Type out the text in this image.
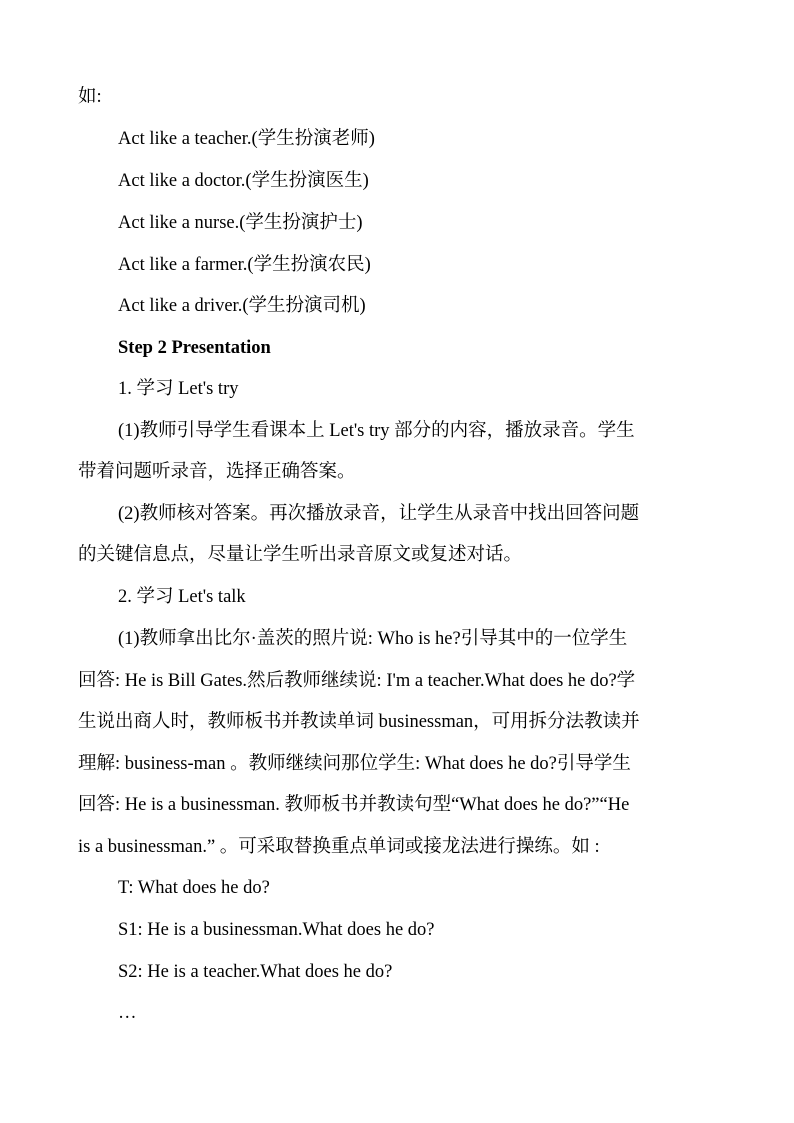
如:
Act like a teacher.(学生扮演老师)
Act like a doctor.(学生扮演医生)
Act like a nurse.(学生扮演护士)
Act like a farmer.(学生扮演农民)
Act like a driver.(学生扮演司机)
Step 2 Presentation
1. 学习 Let's try
(1)教师引导学生看课本上 Let's try 部分的内容，播放录音。学生
带着问题听录音，选择正确答案。
(2)教师核对答案。再次播放录音，让学生从录音中找出回答问题
的关键信息点，尽量让学生听出录音原文或复述对话。
2. 学习 Let's talk
(1)教师拿出比尔·盖茨的照片说: Who is he?引导其中的一位学生
回答: He is Bill Gates.然后教师继续说: I'm a teacher.What does he do?学
生说出商人时，教师板书并教读单词 businessman，可用拆分法教读并
理解: business-man 。教师继续问那位学生: What does he do?引导学生
回答: He is a businessman. 教师板书并教读句型“What does he do?”“He
is a businessman.” 。可采取替换重点单词或接龙法进行操练。如 :
T: What does he do?
S1: He is a businessman.What does he do?
S2: He is a teacher.What does he do?
…
